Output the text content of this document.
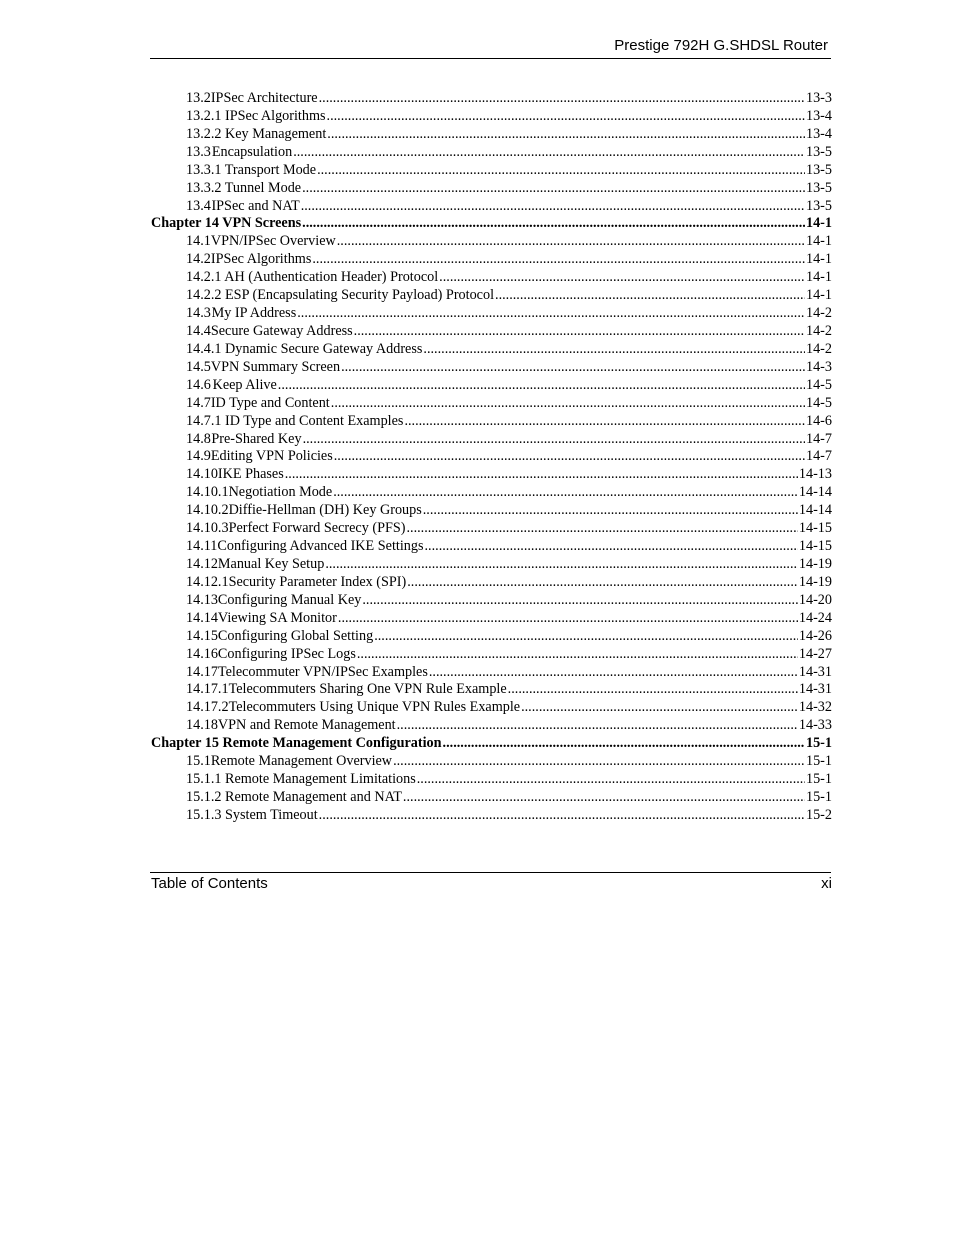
Prestige 792H G.SHDSL Router
13.2 IPSec Architecture .....	13-3
13.2.1 IPSec Algorithms .....	13-4
13.2.2 Key Management .....	13-4
13.3 Encapsulation .....	13-5
13.3.1 Transport Mode .....	13-5
13.3.2 Tunnel Mode .....	13-5
13.4 IPSec and NAT .....	13-5
Chapter 14 VPN Screens .....	14-1
14.1 VPN/IPSec Overview .....	14-1
14.2 IPSec Algorithms .....	14-1
14.2.1 AH (Authentication Header) Protocol .....	14-1
14.2.2 ESP (Encapsulating Security Payload) Protocol .....	14-1
14.3 My IP Address .....	14-2
14.4 Secure Gateway Address .....	14-2
14.4.1 Dynamic Secure Gateway Address .....	14-2
14.5 VPN Summary Screen .....	14-3
14.6 Keep Alive .....	14-5
14.7 ID Type and Content .....	14-5
14.7.1 ID Type and Content Examples .....	14-6
14.8 Pre-Shared Key .....	14-7
14.9 Editing VPN Policies .....	14-7
14.10 IKE Phases .....	14-13
14.10.1 Negotiation Mode .....	14-14
14.10.2 Diffie-Hellman (DH) Key Groups .....	14-14
14.10.3 Perfect Forward Secrecy (PFS) .....	14-15
14.11 Configuring Advanced IKE Settings .....	14-15
14.12 Manual Key Setup .....	14-19
14.12.1 Security Parameter Index (SPI) .....	14-19
14.13 Configuring Manual Key .....	14-20
14.14 Viewing SA Monitor .....	14-24
14.15 Configuring Global Setting .....	14-26
14.16 Configuring IPSec Logs .....	14-27
14.17 Telecommuter VPN/IPSec Examples .....	14-31
14.17.1 Telecommuters Sharing One VPN Rule Example .....	14-31
14.17.2 Telecommuters Using Unique VPN Rules Example .....	14-32
14.18 VPN and Remote Management .....	14-33
Chapter 15 Remote Management Configuration .....	15-1
15.1 Remote Management Overview .....	15-1
15.1.1 Remote Management Limitations .....	15-1
15.1.2 Remote Management and NAT .....	15-1
15.1.3 System Timeout .....	15-2
Table of Contents	xi
